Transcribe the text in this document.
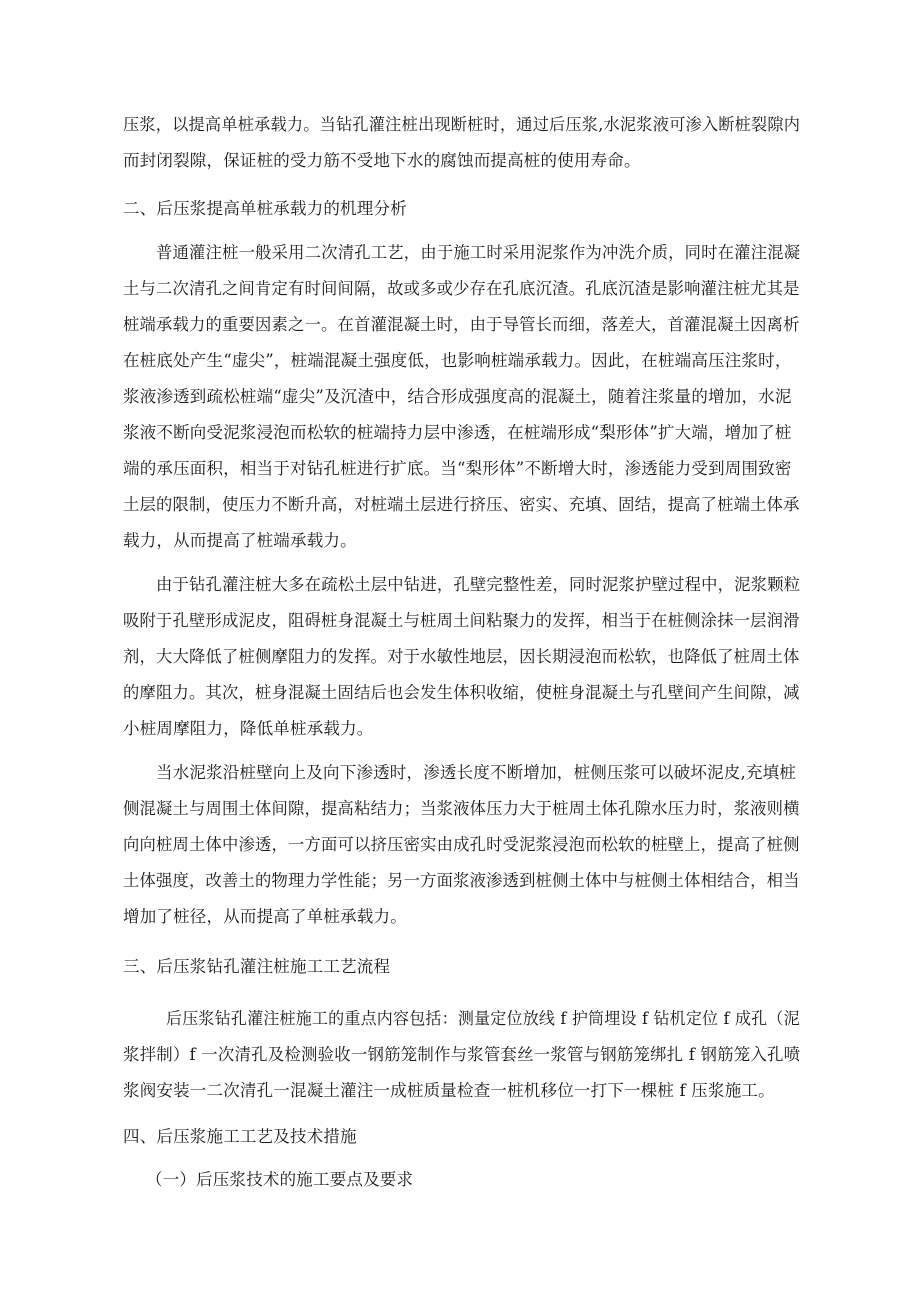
压浆，以提高单桩承载力。当钻孔灌注桩出现断桩时，通过后压浆,水泥浆液可渗入断桩裂隙内
而封闭裂隙，保证桩的受力筋不受地下水的腐蚀而提高桩的使用寿命。
二、后压浆提高单桩承载力的机理分析
普通灌注桩一般采用二次清孔工艺，由于施工时采用泥浆作为冲洗介质，同时在灌注混凝
土与二次清孔之间肯定有时间间隔，故或多或少存在孔底沉渣。孔底沉渣是影响灌注桩尤其是
桩端承载力的重要因素之一。在首灌混凝土时，由于导管长而细，落差大，首灌混凝土因离析
在桩底处产生“虚尖”，桩端混凝土强度低，也影响桩端承载力。因此，在桩端高压注浆时，
浆液渗透到疏松桩端“虚尖”及沉渣中，结合形成强度高的混凝土，随着注浆量的增加，水泥
浆液不断向受泥浆浸泡而松软的桩端持力层中渗透，在桩端形成“梨形体”扩大端，增加了桩
端的承压面积，相当于对钻孔桩进行扩底。当“梨形体”不断增大时，渗透能力受到周围致密
土层的限制，使压力不断升高，对桩端土层进行挤压、密实、充填、固结，提高了桩端土体承
载力，从而提高了桩端承载力。
由于钻孔灌注桩大多在疏松土层中钻进，孔壁完整性差，同时泥浆护壁过程中，泥浆颗粒
吸附于孔壁形成泥皮，阻碍桩身混凝土与桩周土间粘聚力的发挥，相当于在桩侧涂抹一层润滑
剂，大大降低了桩侧摩阻力的发挥。对于水敏性地层，因长期浸泡而松软，也降低了桩周土体
的摩阻力。其次，桩身混凝土固结后也会发生体积收缩，使桩身混凝土与孔壁间产生间隙，减
小桩周摩阻力，降低单桩承载力。
当水泥浆沿桩壁向上及向下渗透时，渗透长度不断增加，桩侧压浆可以破坏泥皮,充填桩
侧混凝土与周围土体间隙，提高粘结力；当浆液体压力大于桩周土体孔隙水压力时，浆液则横
向向桩周土体中渗透，一方面可以挤压密实由成孔时受泥浆浸泡而松软的桩壁上，提高了桩侧
土体强度，改善土的物理力学性能；另一方面浆液渗透到桩侧土体中与桩侧土体相结合，相当
增加了桩径，从而提高了单桩承载力。
三、后压浆钻孔灌注桩施工工艺流程
后压浆钻孔灌注桩施工的重点内容包括：测量定位放线 f 护筒埋设 f 钻机定位 f 成孔（泥
浆拌制）f 一次清孔及检测验收一钢筋笼制作与浆管套丝一浆管与钢筋笼绑扎 f 钢筋笼入孔喷
浆阀安装一二次清孔一混凝土灌注一成桩质量检查一桩机移位一打下一棵桩 f 压浆施工。
四、后压浆施工工艺及技术措施
（一）后压浆技术的施工要点及要求
